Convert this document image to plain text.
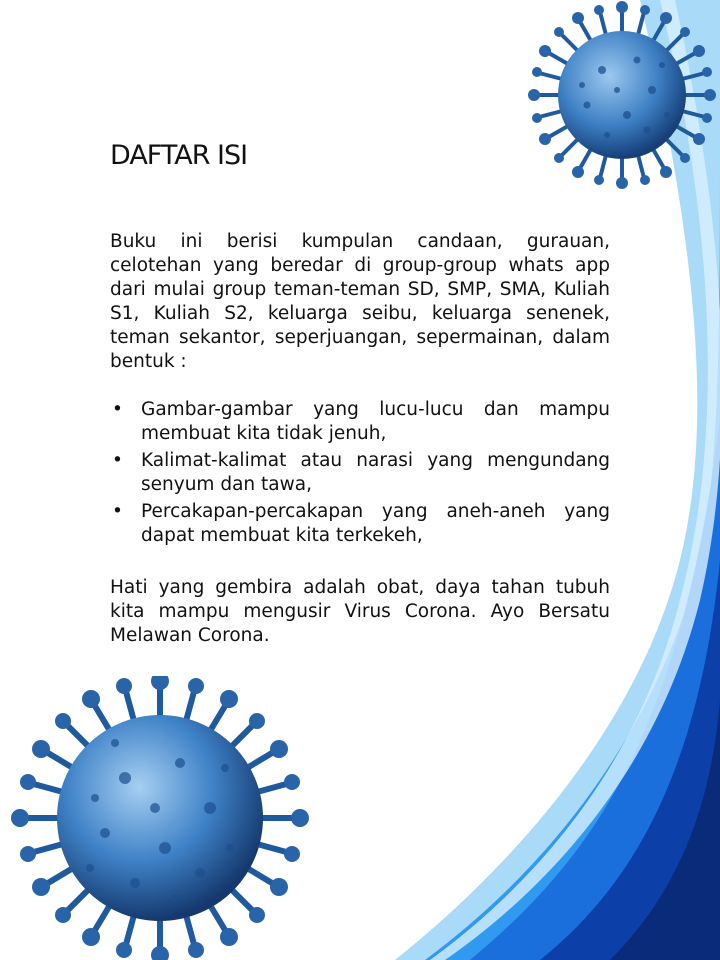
DAFTAR ISI

Buku ini berisi kumpulan candaan, gurauan, celotehan yang beredar di group-group whats app dari mulai group teman-teman SD, SMP, SMA, Kuliah S1, Kuliah S2, keluarga seibu, keluarga senenek, teman sekantor, seperjuangan, sepermainan, dalam bentuk :

• Gambar-gambar yang lucu-lucu dan mampu membuat kita tidak jenuh,
• Kalimat-kalimat atau narasi yang mengundang senyum dan tawa,
• Percakapan-percakapan yang aneh-aneh yang dapat membuat kita terkekeh,

Hati yang gembira adalah obat, daya tahan tubuh kita mampu mengusir Virus Corona. Ayo Bersatu Melawan Corona.
